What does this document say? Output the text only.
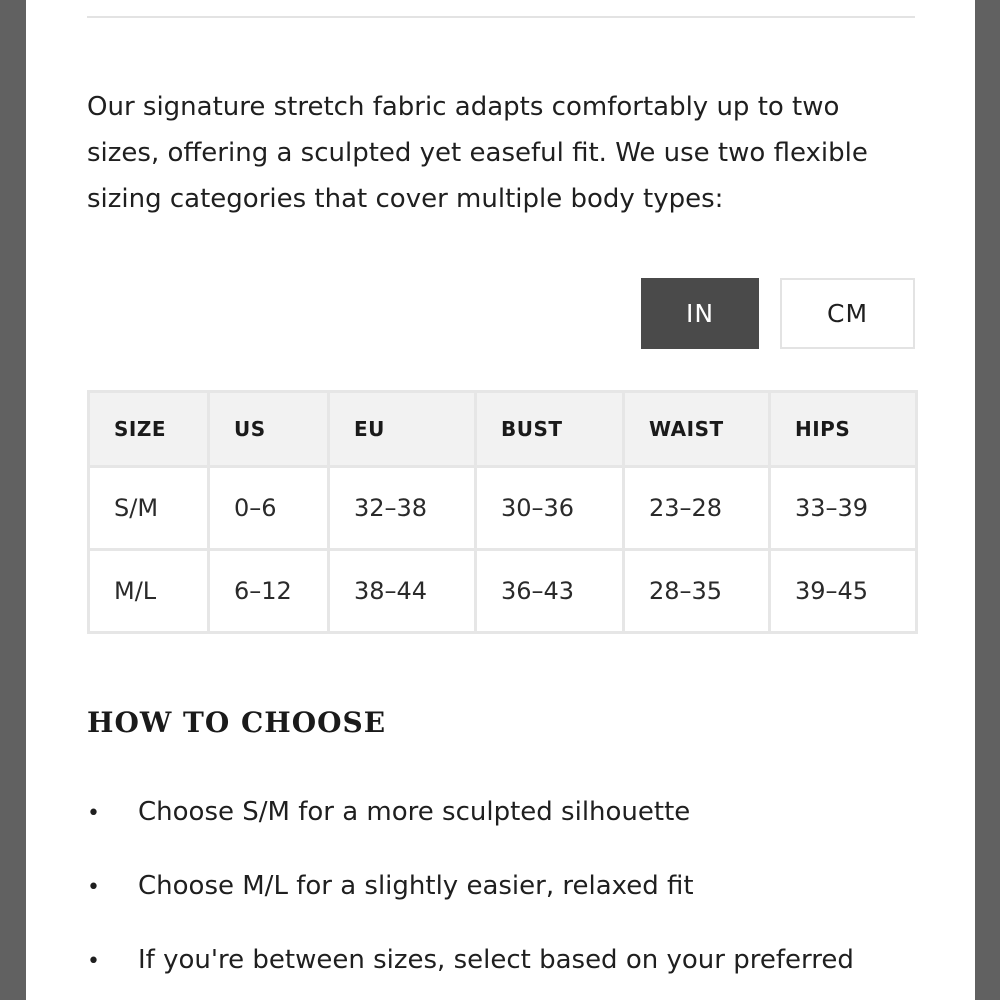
Our signature stretch fabric adapts comfortably up to two sizes, offering a sculpted yet easeful fit. We use two flexible sizing categories that cover multiple body types:

IN	CM
SIZE	US	EU	BUST	WAIST	HIPS
S/M	0–6	32–38	30–36	23–28	33–39
M/L	6–12	38–44	36–43	28–35	39–45
HOW TO CHOOSE
• Choose S/M for a more sculpted silhouette
• Choose M/L for a slightly easier, relaxed fit
• If you're between sizes, select based on your preferred
